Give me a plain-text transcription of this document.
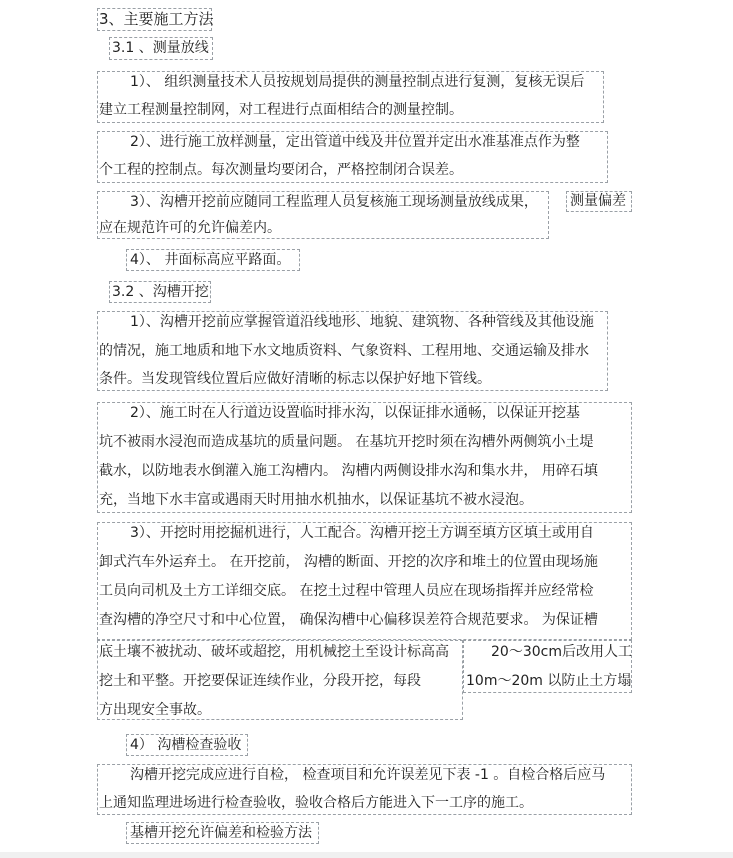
3、主要施工方法
3.1 、测量放线
1）、 组织测量技术人员按规划局提供的测量控制点进行复测，复核无误后
建立工程测量控制网，对工程进行点面相结合的测量控制。
2）、进行施工放样测量，定出管道中线及井位置并定出水准基准点作为整
个工程的控制点。每次测量均要闭合，严格控制闭合误差。
3）、沟槽开挖前应随同工程监理人员复核施工现场测量放线成果，
应在规范许可的允许偏差内。
测量偏差
4）、 井面标高应平路面。
3.2 、沟槽开挖
1）、沟槽开挖前应掌握管道沿线地形、地貌、建筑物、各种管线及其他设施
的情况，施工地质和地下水文地质资料、气象资料、工程用地、交通运输及排水
条件。当发现管线位置后应做好清晰的标志以保护好地下管线。
2）、施工时在人行道边设置临时排水沟，以保证排水通畅，以保证开挖基
坑不被雨水浸泡而造成基坑的质量问题。 在基坑开挖时须在沟槽外两侧筑小土堤
截水，以防地表水倒灌入施工沟槽内。 沟槽内两侧设排水沟和集水井， 用碎石填
充，当地下水丰富或遇雨天时用抽水机抽水，以保证基坑不被水浸泡。
3）、开挖时用挖掘机进行，人工配合。沟槽开挖土方调至填方区填土或用自
卸式汽车外运弃土。 在开挖前， 沟槽的断面、开挖的次序和堆土的位置由现场施
工员向司机及土方工详细交底。 在挖土过程中管理人员应在现场指挥并应经常检
查沟槽的净空尺寸和中心位置， 确保沟槽中心偏移误差符合规范要求。 为保证槽
底土壤不被扰动、破坏或超挖，用机械挖土至设计标高高
挖土和平整。开挖要保证连续作业，分段开挖，每段
方出现安全事故。
20～30cm后改用人工
10m～20m 以防止土方塌
4） 沟槽检查验收
沟槽开挖完成应进行自检， 检查项目和允许误差见下表 -1 。自检合格后应马
上通知监理进场进行检查验收，验收合格后方能进入下一工序的施工。
基槽开挖允许偏差和检验方法
